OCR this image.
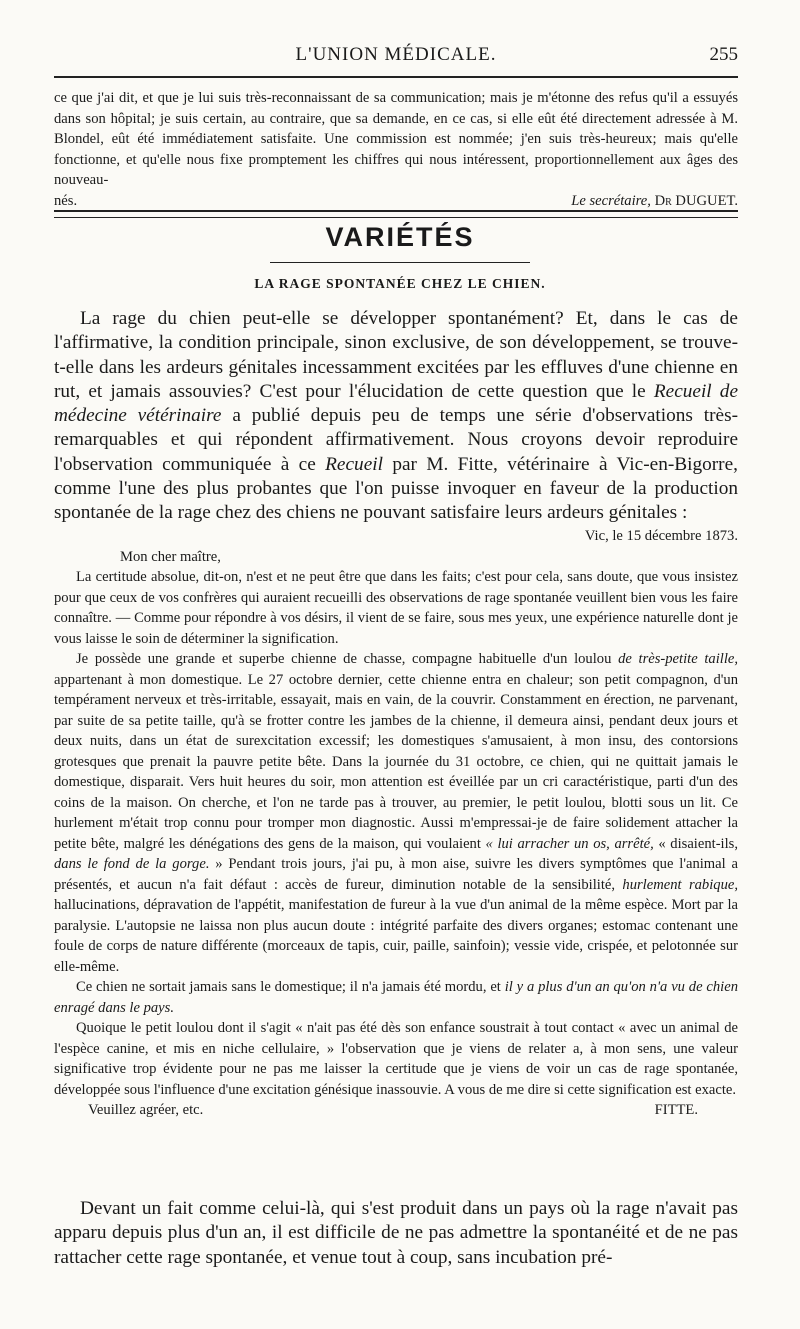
L'UNION MÉDICALE.	255

ce que j'ai dit, et que je lui suis très-reconnaissant de sa communication; mais je m'étonne des refus qu'il a essuyés dans son hôpital; je suis certain, au contraire, que sa demande, en ce cas, si elle eût été directement adressée à M. Blondel, eût été immédiatement satisfaite. Une commission est nommée; j'en suis très-heureux; mais qu'elle fonctionne, et qu'elle nous fixe promptement les chiffres qui nous intéressent, proportionnellement aux âges des nouveau-

nés.	Le secrétaire, Dr DUGUET.
VARIÉTÉS
LA RAGE SPONTANÉE CHEZ LE CHIEN.

La rage du chien peut-elle se développer spontanément? Et, dans le cas de l'affirmative, la condition principale, sinon exclusive, de son développement, se trouve-t-elle dans les ardeurs génitales incessamment excitées par les effluves d'une chienne en rut, et jamais assouvies? C'est pour l'élucidation de cette question que le Recueil de médecine vétérinaire a publié depuis peu de temps une série d'observations très-remarquables et qui répondent affirmativement. Nous croyons devoir reproduire l'observation communiquée à ce Recueil par M. Fitte, vétérinaire à Vic-en-Bigorre, comme l'une des plus probantes que l'on puisse invoquer en faveur de la production spontanée de la rage chez des chiens ne pouvant satisfaire leurs ardeurs génitales :

Vic, le 15 décembre 1873.

Mon cher maître,

La certitude absolue, dit-on, n'est et ne peut être que dans les faits; c'est pour cela, sans doute, que vous insistez pour que ceux de vos confrères qui auraient recueilli des observations de rage spontanée veuillent bien vous les faire connaître. — Comme pour répondre à vos désirs, il vient de se faire, sous mes yeux, une expérience naturelle dont je vous laisse le soin de déterminer la signification.

Je possède une grande et superbe chienne de chasse, compagne habituelle d'un loulou de très-petite taille, appartenant à mon domestique. Le 27 octobre dernier, cette chienne entra en chaleur; son petit compagnon, d'un tempérament nerveux et très-irritable, essayait, mais en vain, de la couvrir. Constamment en érection, ne parvenant, par suite de sa petite taille, qu'à se frotter contre les jambes de la chienne, il demeura ainsi, pendant deux jours et deux nuits, dans un état de surexcitation excessif; les domestiques s'amusaient, à mon insu, des contorsions grotesques que prenait la pauvre petite bête. Dans la journée du 31 octobre, ce chien, qui ne quittait jamais le domestique, disparait. Vers huit heures du soir, mon attention est éveillée par un cri caractéristique, parti d'un des coins de la maison. On cherche, et l'on ne tarde pas à trouver, au premier, le petit loulou, blotti sous un lit. Ce hurlement m'était trop connu pour tromper mon diagnostic. Aussi m'empressai-je de faire solidement attacher la petite bête, malgré les dénégations des gens de la maison, qui voulaient « lui arracher un os, arrêté, « disaient-ils, dans le fond de la gorge. » Pendant trois jours, j'ai pu, à mon aise, suivre les divers symptômes que l'animal a présentés, et aucun n'a fait défaut : accès de fureur, diminution notable de la sensibilité, hurlement rabique, hallucinations, dépravation de l'appétit, manifestation de fureur à la vue d'un animal de la même espèce. Mort par la paralysie. L'autopsie ne laissa non plus aucun doute : intégrité parfaite des divers organes; estomac contenant une foule de corps de nature différente (morceaux de tapis, cuir, paille, sainfoin); vessie vide, crispée, et pelotonnée sur elle-même.

Ce chien ne sortait jamais sans le domestique; il n'a jamais été mordu, et il y a plus d'un an qu'on n'a vu de chien enragé dans le pays.

Quoique le petit loulou dont il s'agit « n'ait pas été dès son enfance soustrait à tout contact « avec un animal de l'espèce canine, et mis en niche cellulaire, » l'observation que je viens de relater a, à mon sens, une valeur significative trop évidente pour ne pas me laisser la certitude que je viens de voir un cas de rage spontanée, développée sous l'influence d'une excitation génésique inassouvie. A vous de me dire si cette signification est exacte.

Veuillez agréer, etc.	FITTE.

Devant un fait comme celui-là, qui s'est produit dans un pays où la rage n'avait pas apparu depuis plus d'un an, il est difficile de ne pas admettre la spontanéité et de ne pas rattacher cette rage spontanée, et venue tout à coup, sans incubation pré-
